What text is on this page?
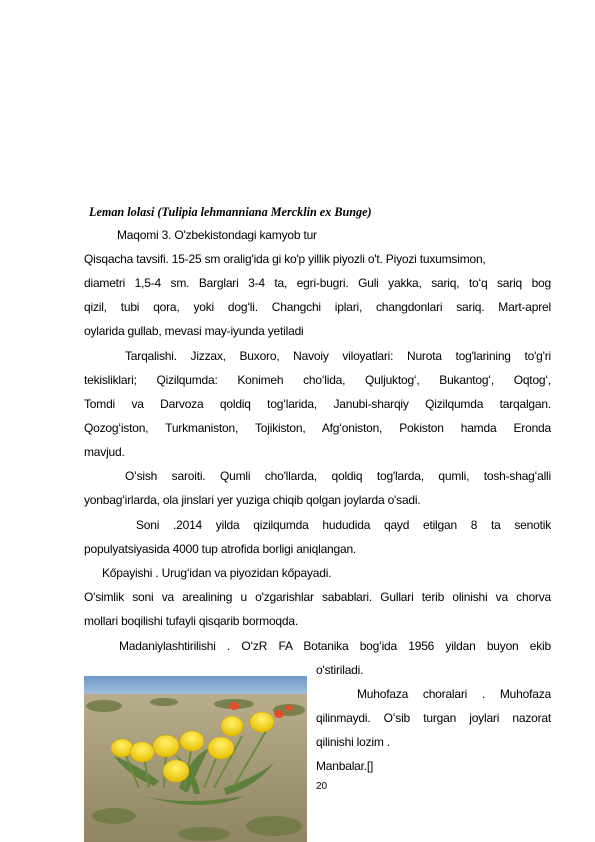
Leman lolasi (Tulipia lehmanniana Mercklin ex Bunge)
Maqomi 3. O'zbekistondagi kamyob tur
Qisqacha tavsifi. 15-25 sm oralig'ida gi ko'p yillik piyozli o't. Piyozi tuxumsimon,
diametri 1,5-4 sm. Barglari 3-4 ta, egri-bugri. Guli yakka, sariq, toʻq sariq bog
qizil, tubi qora, yoki dogʻli. Changchi iplari, changdonlari sariq. Mart-aprel
oylarida gullab, mevasi may-iyunda yetiladi
Tarqalishi. Jizzax, Buxoro, Navoiy viloyatlari: Nurota tog'larining to'g'ri
tekisliklari; Qizilqumda: Konimeh choʻlida, Quljuktogʻ, Bukantogʻ, Oqtogʻ,
Tomdi va Darvoza qoldiq togʻlarida, Janubi-sharqiy Qizilqumda tarqalgan.
Qozogʻiston, Turkmaniston, Tojikiston, Afgʻoniston, Pokiston hamda Eronda
mavjud.
Oʻsish saroiti. Qumli cho'llarda, qoldiq tog'larda, qumli, tosh-shagʻalli
yonbagʻirlarda, ola jinslari yer yuziga chiqib qolgan joylarda o'sadi.
Soni .2014 yilda qizilqumda hududida qayd etilgan 8 ta senotik
populyatsiyasida 4000 tup atrofida borligi aniqlangan.
Kőpayishi . Urugʻidan va piyozidan kőpayadi.
O'simlik soni va arealining u o'zgarishlar sabablari. Gullari terib olinishi va chorva
mollari boqilishi tufayli qisqarib bormoqda.
Madaniylashtirilishi . OʻzR FA Botanika bogʻida 1956 yildan buyon ekib
o'stiriladi.
Muhofaza choralari . Muhofaza
qilinmaydi. Oʻsib turgan joylari nazorat
qilinishi lozim .
Manbalar.[]
20
